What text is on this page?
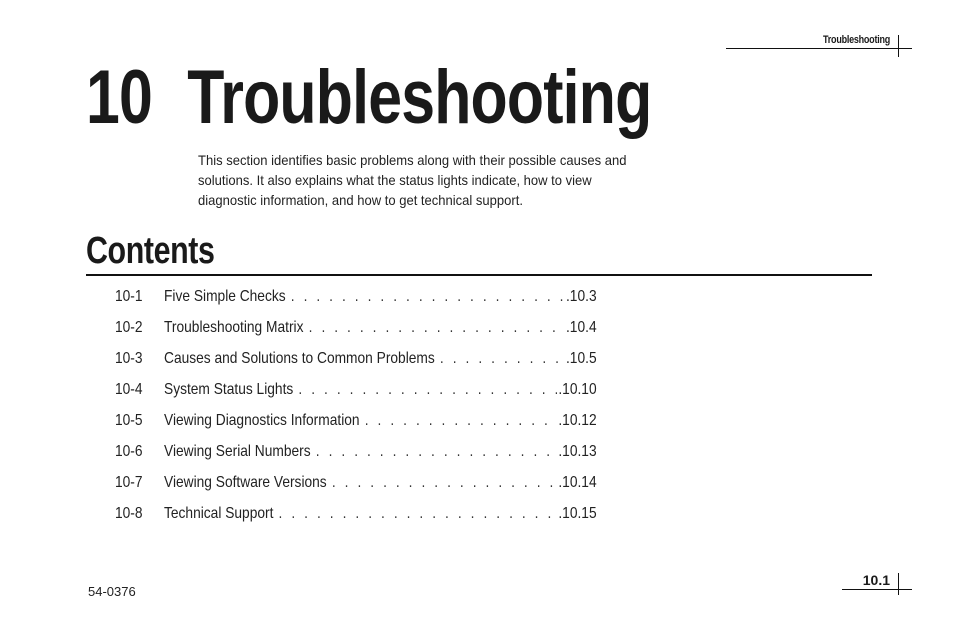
Troubleshooting
10 Troubleshooting
This section identifies basic problems along with their possible causes and solutions. It also explains what the status lights indicate, how to view diagnostic information, and how to get technical support.
Contents
10-1	Five Simple Checks . . .	.10.3
10-2	Troubleshooting Matrix . . .	.10.4
10-3	Causes and Solutions to Common Problems . . .	.10.5
10-4	System Status Lights . . .	.10.10
10-5	Viewing Diagnostics Information . . .	.10.12
10-6	Viewing Serial Numbers . . .	.10.13
10-7	Viewing Software Versions . . .	.10.14
10-8	Technical Support . . .	.10.15
54-0376
10.1
